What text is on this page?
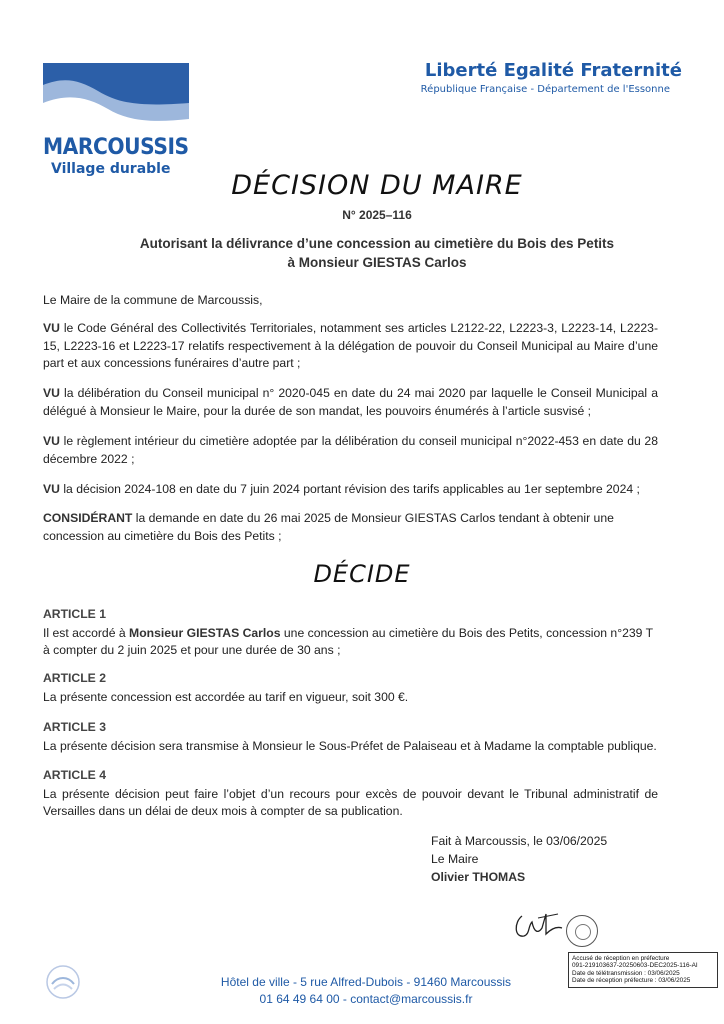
MARCOUSSIS
Village durable
Liberté Egalité Fraternité
République Française - Département de l'Essonne
DÉCISION DU MAIRE
N° 2025–116
Autorisant la délivrance d’une concession au cimetière du Bois des Petits
à Monsieur GIESTAS Carlos
Le Maire de la commune de Marcoussis,
VU le Code Général des Collectivités Territoriales, notamment ses articles L2122-22, L2223-3, L2223-14, L2223-15, L2223-16 et L2223-17 relatifs respectivement à la délégation de pouvoir du Conseil Municipal au Maire d’une part et aux concessions funéraires d’autre part ;
VU la délibération du Conseil municipal n° 2020-045 en date du 24 mai 2020 par laquelle le Conseil Municipal a délégué à Monsieur le Maire, pour la durée de son mandat, les pouvoirs énumérés à l’article susvisé ;
VU le règlement intérieur du cimetière adoptée par la délibération du conseil municipal n°2022-453 en date du 28 décembre 2022 ;
VU la décision 2024-108 en date du 7 juin 2024 portant révision des tarifs applicables au 1er septembre 2024 ;
CONSIDÉRANT la demande en date du 26 mai 2025 de Monsieur GIESTAS Carlos tendant à obtenir une concession au cimetière du Bois des Petits ;
DÉCIDE
ARTICLE 1
Il est accordé à Monsieur GIESTAS Carlos une concession au cimetière du Bois des Petits, concession n°239 T à compter du 2 juin 2025 et pour une durée de 30 ans ;
ARTICLE 2
La présente concession est accordée au tarif en vigueur, soit 300 €.
ARTICLE 3
La présente décision sera transmise à Monsieur le Sous-Préfet de Palaiseau et à Madame la comptable publique.
ARTICLE 4
La présente décision peut faire l’objet d’un recours pour excès de pouvoir devant le Tribunal administratif de Versailles dans un délai de deux mois à compter de sa publication.
Fait à Marcoussis, le 03/06/2025
Le Maire
Olivier THOMAS
Accusé de réception en préfecture
091-219103637-20250603-DEC2025-116-AI
Date de télétransmission : 03/06/2025
Date de réception préfecture : 03/06/2025
Hôtel de ville - 5 rue Alfred-Dubois - 91460 Marcoussis
01 64 49 64 00 - contact@marcoussis.fr
